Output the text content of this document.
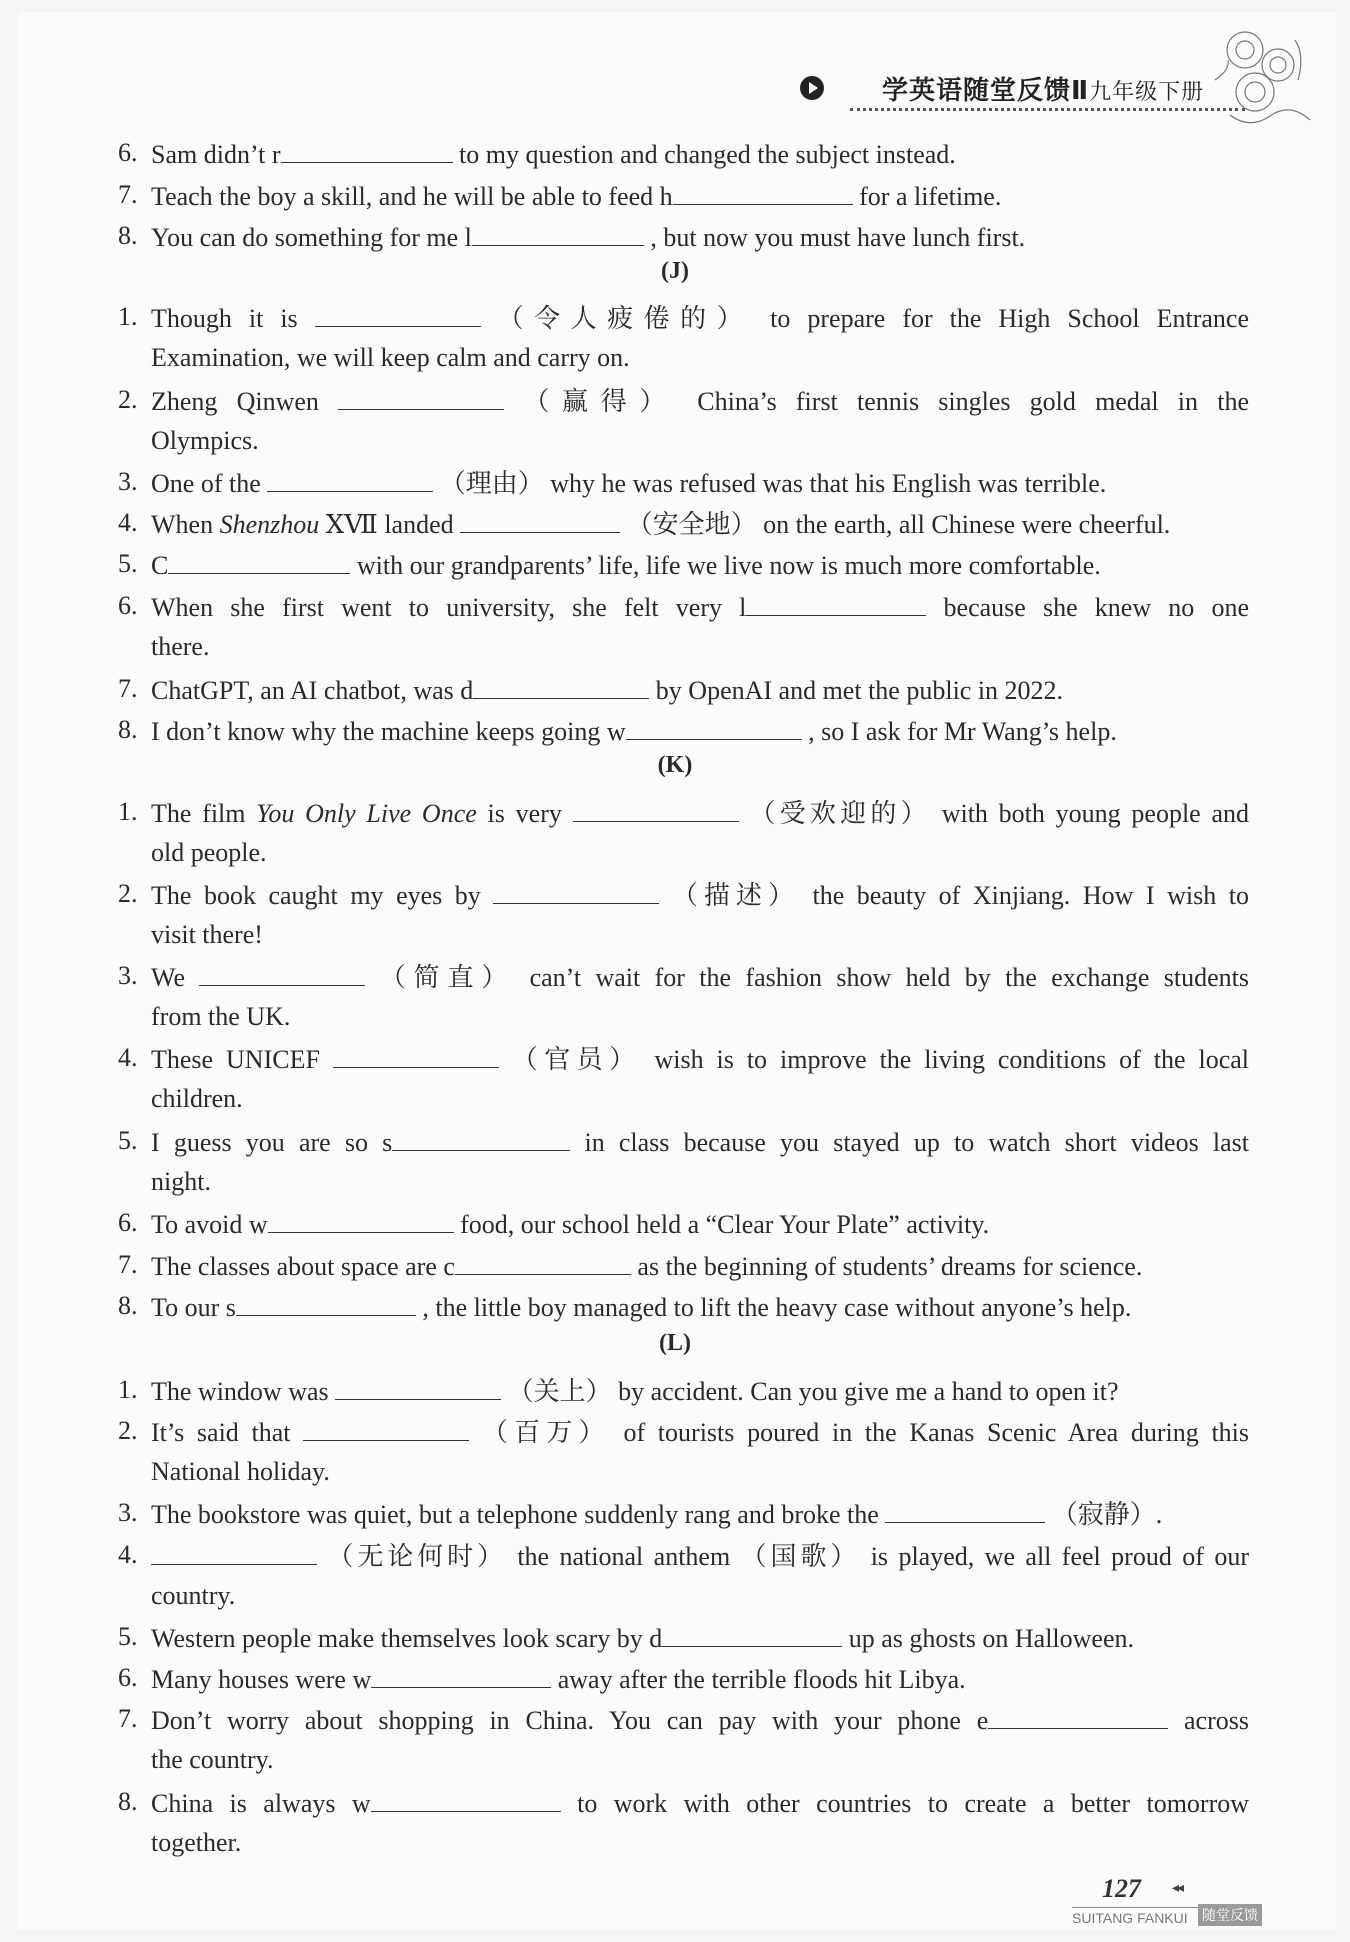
学英语随堂反馈Ⅱ九年级下册
(J)
(K)
(L)
6. Sam didn’t r	to my question and changed the subject instead.
7. Teach the boy a skill, and he will be able to feed h	for a lifetime.
8. You can do something for me l	, but now you must have lunch first.
1. Though it is	（令人疲倦的） to prepare for the High School Entrance
Examination, we will keep calm and carry on.
2. Zheng Qinwen	（赢得） China’s first tennis singles gold medal in the
Olympics.
3. One of the	（理由） why he was refused was that his English was terrible.
4. When Shenzhou ⅩⅦ landed	（安全地） on the earth, all Chinese were cheerful.
5. C	with our grandparents’ life, life we live now is much more comfortable.
6. When she first went to university, she felt very l	because she knew no one
there.
7. ChatGPT, an AI chatbot, was d	by OpenAI and met the public in 2022.
8. I don’t know why the machine keeps going w	, so I ask for Mr Wang’s help.
1. The film You Only Live Once is very	（受欢迎的） with both young people and
old people.
2. The book caught my eyes by	（描述） the beauty of Xinjiang. How I wish to
visit there!
3. We	（简直） can’t wait for the fashion show held by the exchange students
from the UK.
4. These UNICEF	（官员） wish is to improve the living conditions of the local
children.
5. I guess you are so s	in class because you stayed up to watch short videos last
night.
6. To avoid w	food, our school held a “Clear Your Plate” activity.
7. The classes about space are c	as the beginning of students’ dreams for science.
8. To our s	, the little boy managed to lift the heavy case without anyone’s help.
1. The window was	（关上） by accident. Can you give me a hand to open it?
2. It’s said that	（百万） of tourists poured in the Kanas Scenic Area during this
National holiday.
3. The bookstore was quiet, but a telephone suddenly rang and broke the	（寂静）.
4.	（无论何时） the national anthem （国歌） is played, we all feel proud of our
country.
5. Western people make themselves look scary by d	up as ghosts on Halloween.
6. Many houses were w	away after the terrible floods hit Libya.
7. Don’t worry about shopping in China. You can pay with your phone e	across
the country.
8. China is always w	to work with other countries to create a better tomorrow
together.
127 ◂◂
SUITANG FANKUI 随堂反馈
